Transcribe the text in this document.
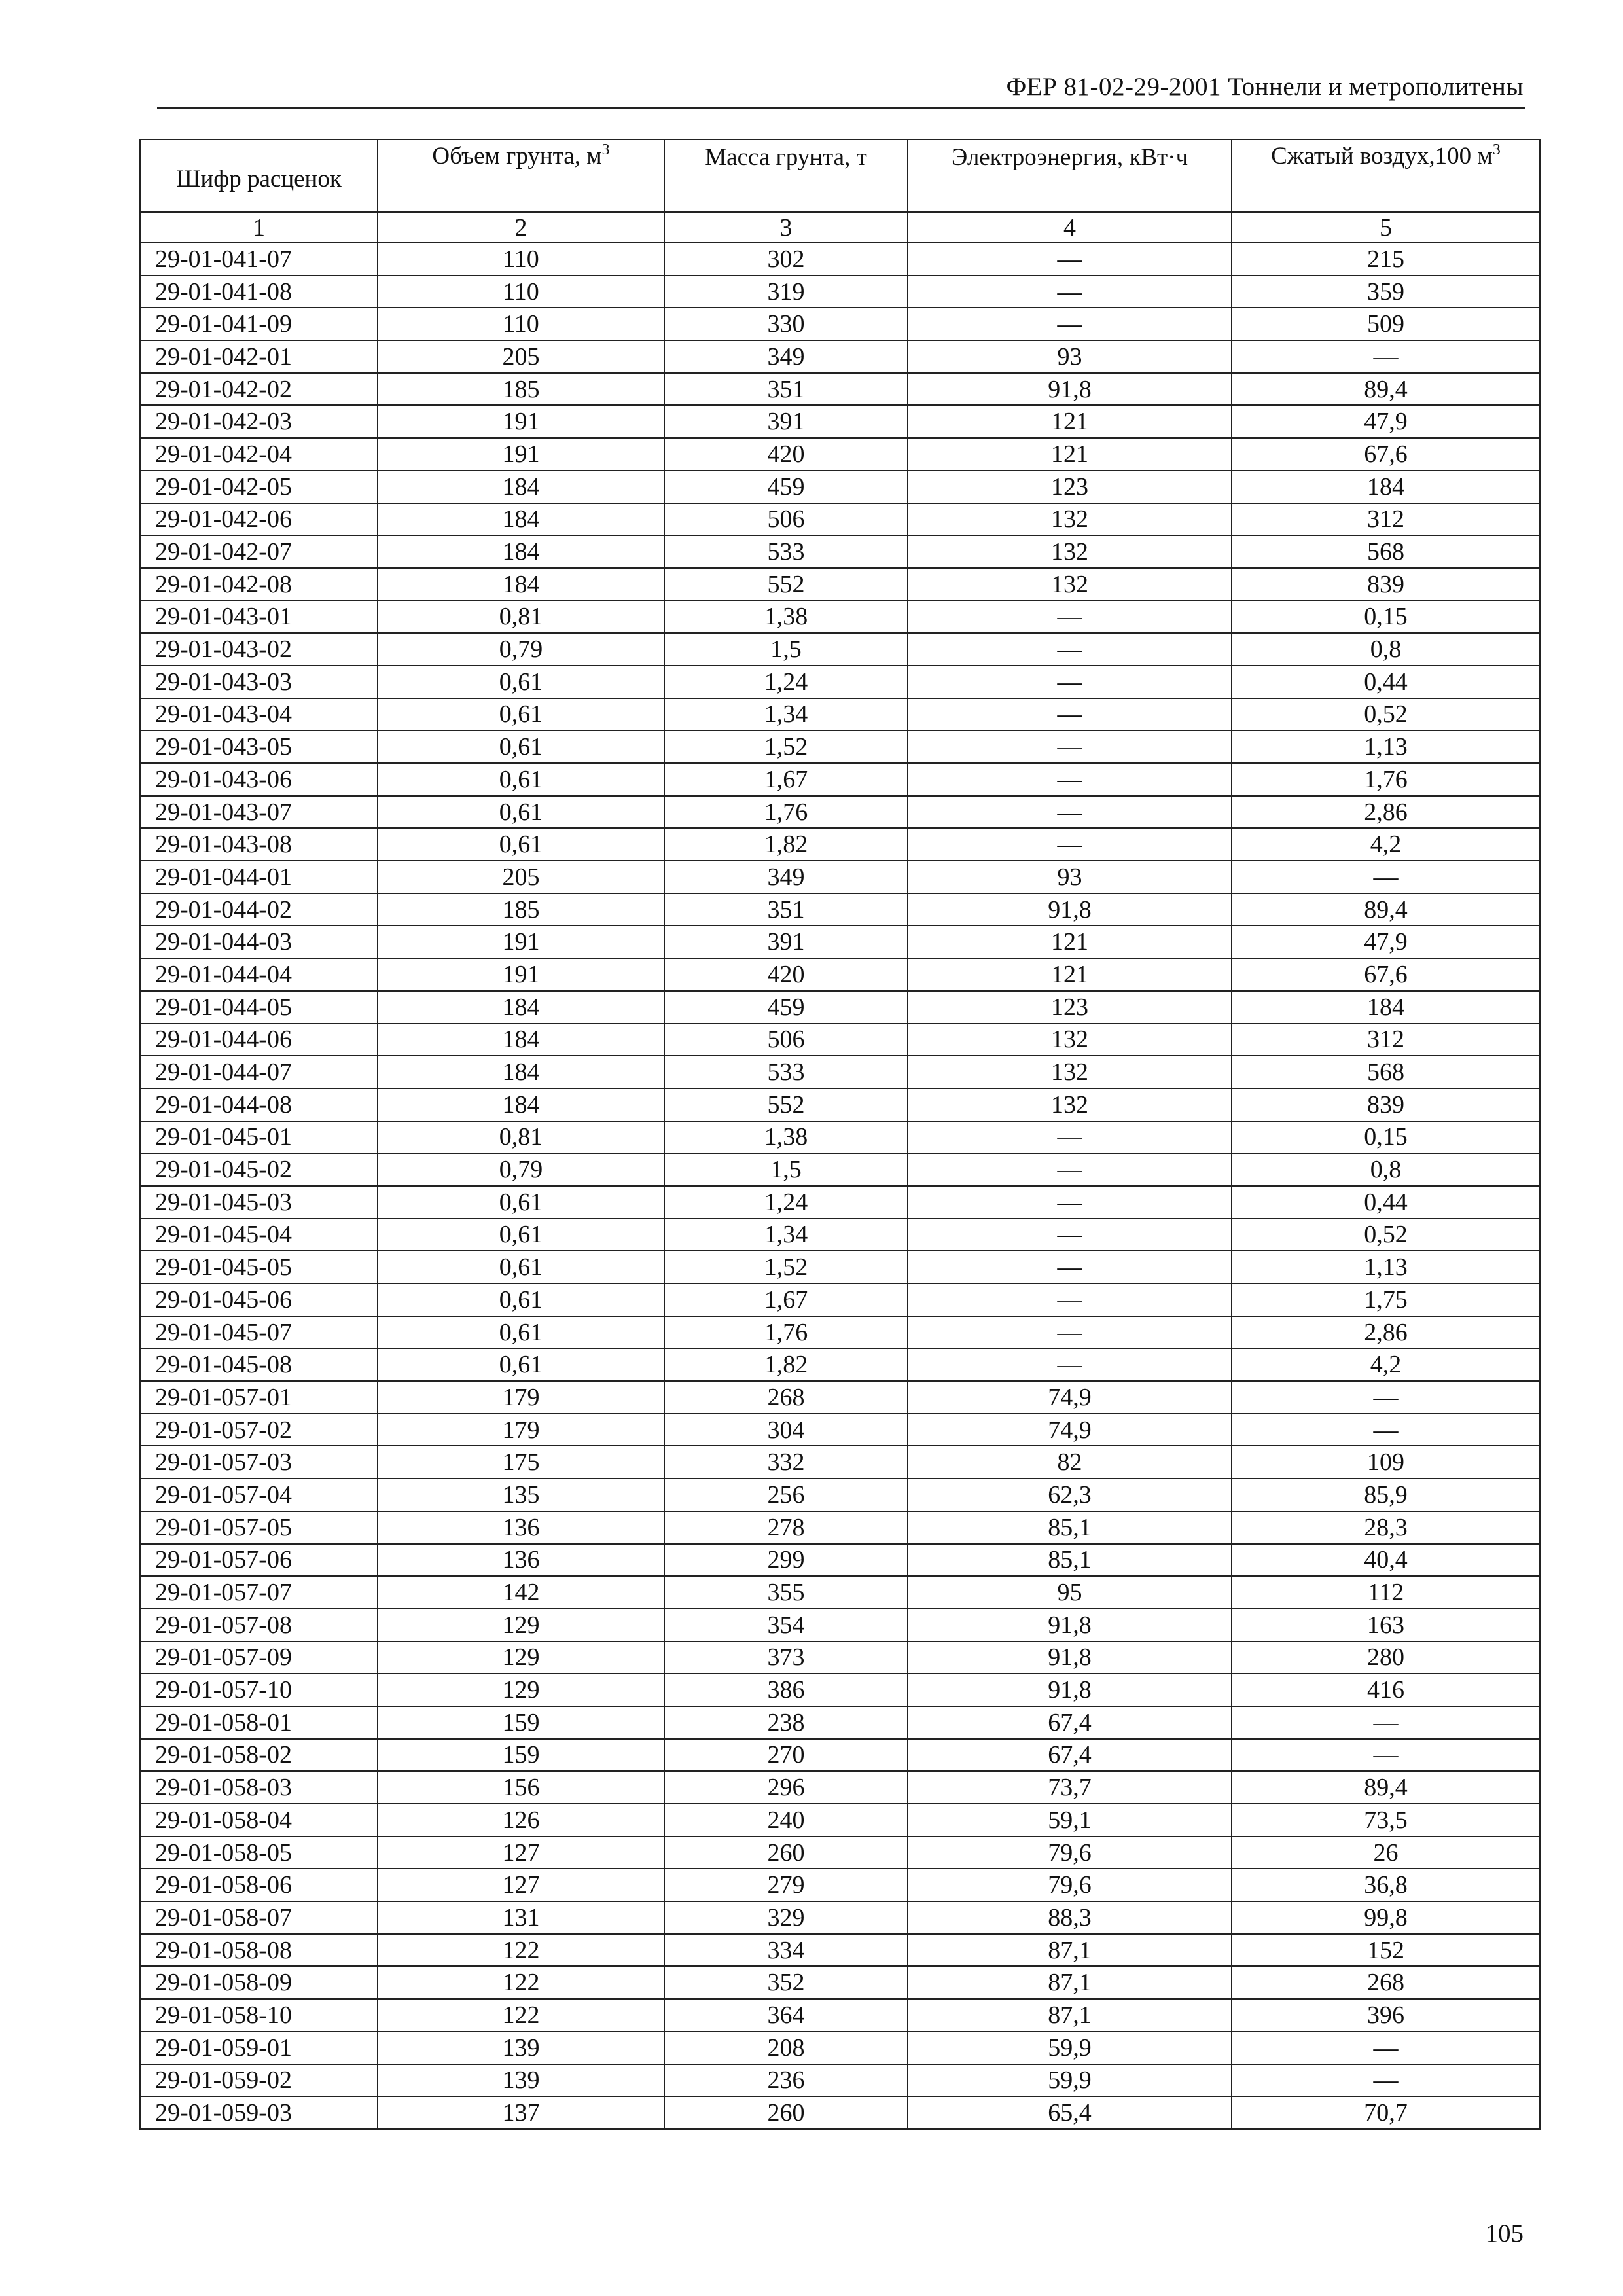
ФЕР 81-02-29-2001 Тоннели и метрополитены
Шифр расценок	Объем грунта, $м^3$	Масса грунта, т	Электроэнергия, кВт·ч	Сжатый воздух,100 $м^3$
1	2	3	4	5
29-01-041-07	110	302	—	215
29-01-041-08	110	319	—	359
29-01-041-09	110	330	—	509
29-01-042-01	205	349	93	—
29-01-042-02	185	351	91,8	89,4
29-01-042-03	191	391	121	47,9
29-01-042-04	191	420	121	67,6
29-01-042-05	184	459	123	184
29-01-042-06	184	506	132	312
29-01-042-07	184	533	132	568
29-01-042-08	184	552	132	839
29-01-043-01	0,81	1,38	—	0,15
29-01-043-02	0,79	1,5	—	0,8
29-01-043-03	0,61	1,24	—	0,44
29-01-043-04	0,61	1,34	—	0,52
29-01-043-05	0,61	1,52	—	1,13
29-01-043-06	0,61	1,67	—	1,76
29-01-043-07	0,61	1,76	—	2,86
29-01-043-08	0,61	1,82	—	4,2
29-01-044-01	205	349	93	—
29-01-044-02	185	351	91,8	89,4
29-01-044-03	191	391	121	47,9
29-01-044-04	191	420	121	67,6
29-01-044-05	184	459	123	184
29-01-044-06	184	506	132	312
29-01-044-07	184	533	132	568
29-01-044-08	184	552	132	839
29-01-045-01	0,81	1,38	—	0,15
29-01-045-02	0,79	1,5	—	0,8
29-01-045-03	0,61	1,24	—	0,44
29-01-045-04	0,61	1,34	—	0,52
29-01-045-05	0,61	1,52	—	1,13
29-01-045-06	0,61	1,67	—	1,75
29-01-045-07	0,61	1,76	—	2,86
29-01-045-08	0,61	1,82	—	4,2
29-01-057-01	179	268	74,9	—
29-01-057-02	179	304	74,9	—
29-01-057-03	175	332	82	109
29-01-057-04	135	256	62,3	85,9
29-01-057-05	136	278	85,1	28,3
29-01-057-06	136	299	85,1	40,4
29-01-057-07	142	355	95	112
29-01-057-08	129	354	91,8	163
29-01-057-09	129	373	91,8	280
29-01-057-10	129	386	91,8	416
29-01-058-01	159	238	67,4	—
29-01-058-02	159	270	67,4	—
29-01-058-03	156	296	73,7	89,4
29-01-058-04	126	240	59,1	73,5
29-01-058-05	127	260	79,6	26
29-01-058-06	127	279	79,6	36,8
29-01-058-07	131	329	88,3	99,8
29-01-058-08	122	334	87,1	152
29-01-058-09	122	352	87,1	268
29-01-058-10	122	364	87,1	396
29-01-059-01	139	208	59,9	—
29-01-059-02	139	236	59,9	—
29-01-059-03	137	260	65,4	70,7
105
